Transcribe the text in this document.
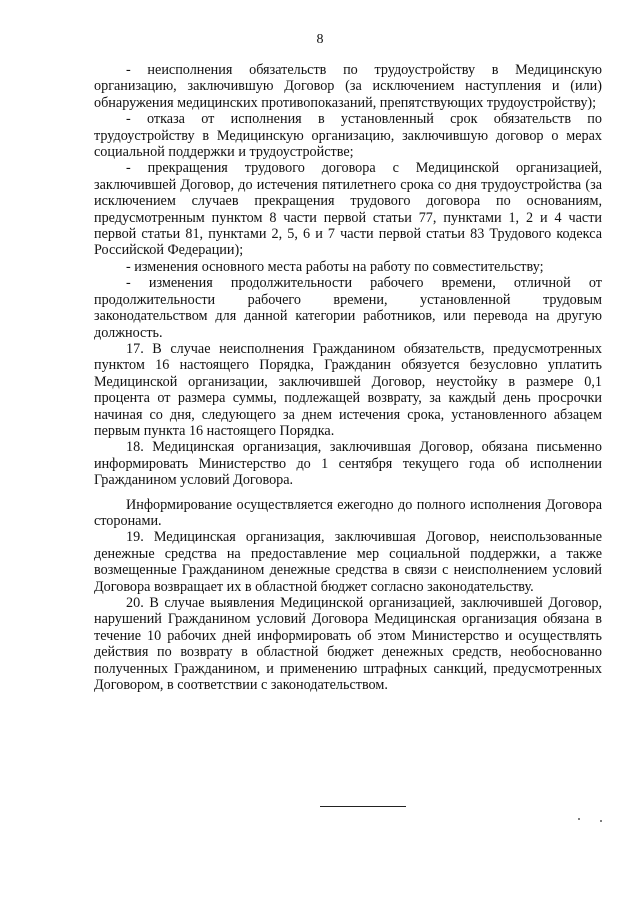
8

- неисполнения обязательств по трудоустройству в Медицинскую организацию, заключившую Договор (за исключением наступления и (или) обнаружения медицинских противопоказаний, препятствующих трудоустройству);

- отказа от исполнения в установленный срок обязательств по трудоустройству в Медицинскую организацию, заключившую договор о мерах социальной поддержки и трудоустройстве;

- прекращения трудового договора с Медицинской организацией, заключившей Договор, до истечения пятилетнего срока со дня трудоустройства (за исключением случаев прекращения трудового договора по основаниям, предусмотренным пунктом 8 части первой статьи 77, пунктами 1, 2 и 4 части первой статьи 81, пунктами 2, 5, 6 и 7 части первой статьи 83 Трудового кодекса Российской Федерации);

- изменения основного места работы на работу по совместительству;

- изменения продолжительности рабочего времени, отличной от продолжительности рабочего времени, установленной трудовым законодательством для данной категории работников, или перевода на другую должность.

17. В случае неисполнения Гражданином обязательств, предусмотренных пунктом 16 настоящего Порядка, Гражданин обязуется безусловно уплатить Медицинской организации, заключившей Договор, неустойку в размере 0,1 процента от размера суммы, подлежащей возврату, за каждый день просрочки начиная со дня, следующего за днем истечения срока, установленного абзацем первым пункта 16 настоящего Порядка.

18. Медицинская организация, заключившая Договор, обязана письменно информировать Министерство до 1 сентября текущего года об исполнении Гражданином условий Договора.

Информирование осуществляется ежегодно до полного исполнения Договора сторонами.

19. Медицинская организация, заключившая Договор, неиспользованные денежные средства на предоставление мер социальной поддержки, а также возмещенные Гражданином денежные средства в связи с неисполнением условий Договора возвращает их в областной бюджет согласно законодательству.

20. В случае выявления Медицинской организацией, заключившей Договор, нарушений Гражданином условий Договора Медицинская организация обязана в течение 10 рабочих дней информировать об этом Министерство и осуществлять действия по возврату в областной бюджет денежных средств, необоснованно полученных Гражданином, и применению штрафных санкций, предусмотренных Договором, в соответствии с законодательством.
